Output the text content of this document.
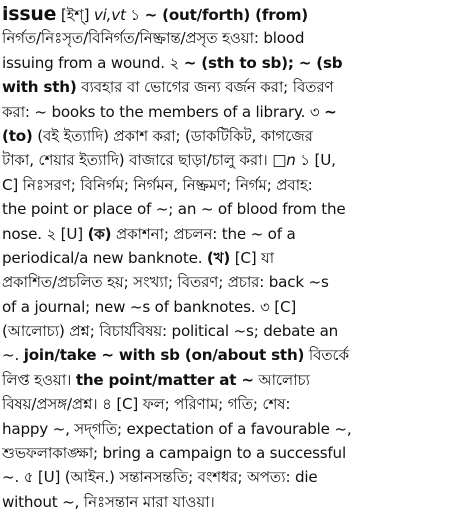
issue [ইশ্‌] vi,vt ১ ~ (out/forth) (from)
নির্গত/নিঃসৃত/বিনির্গত/নিষ্ক্রান্ত/প্রসৃত হওয়া: blood
issuing from a wound. ২ ~ (sth to sb); ~ (sb
with sth) ব্যবহার বা ভোগের জন্য বর্জন করা; বিতরণ
করা: ~ books to the members of a library. ৩ ~
(to) (বই ইত্যাদি) প্রকাশ করা; (ডাকটিকিট, কাগজের
টাকা, শেয়ার ইত্যাদি) বাজারে ছাড়া/চালু করা। □n ১ [U,
C] নিঃসরণ; বিনির্গম; নির্গমন, নিষ্ক্রমণ; নির্গম; প্রবাহ:
the point or place of ~; an ~ of blood from the
nose. ২ [U] (ক) প্রকাশনা; প্রচলন: the ~ of a
periodical/a new banknote. (খ) [C] যা
প্রকাশিত/প্রচলিত হয়; সংখ্যা; বিতরণ; প্রচার: back ~s
of a journal; new ~s of banknotes. ৩ [C]
(আলোচ্য) প্রশ্ন; বিচার্যবিষয়: political ~s; debate an
~. join/take ~ with sb (on/about sth) বিতর্কে
লিপ্ত হওয়া। the point/matter at ~ আলোচ্য
বিষয়/প্রসঙ্গ/প্রশ্ন। ৪ [C] ফল; পরিণাম; গতি; শেষ:
happy ~, সদ্‌গতি; expectation of a favourable ~,
শুভফলাকাঙ্ক্ষা; bring a campaign to a successful
~. ৫ [U] (আইন.) সন্তানসন্ততি; বংশধর; অপত্য: die
without ~, নিঃসন্তান মারা যাওয়া।
